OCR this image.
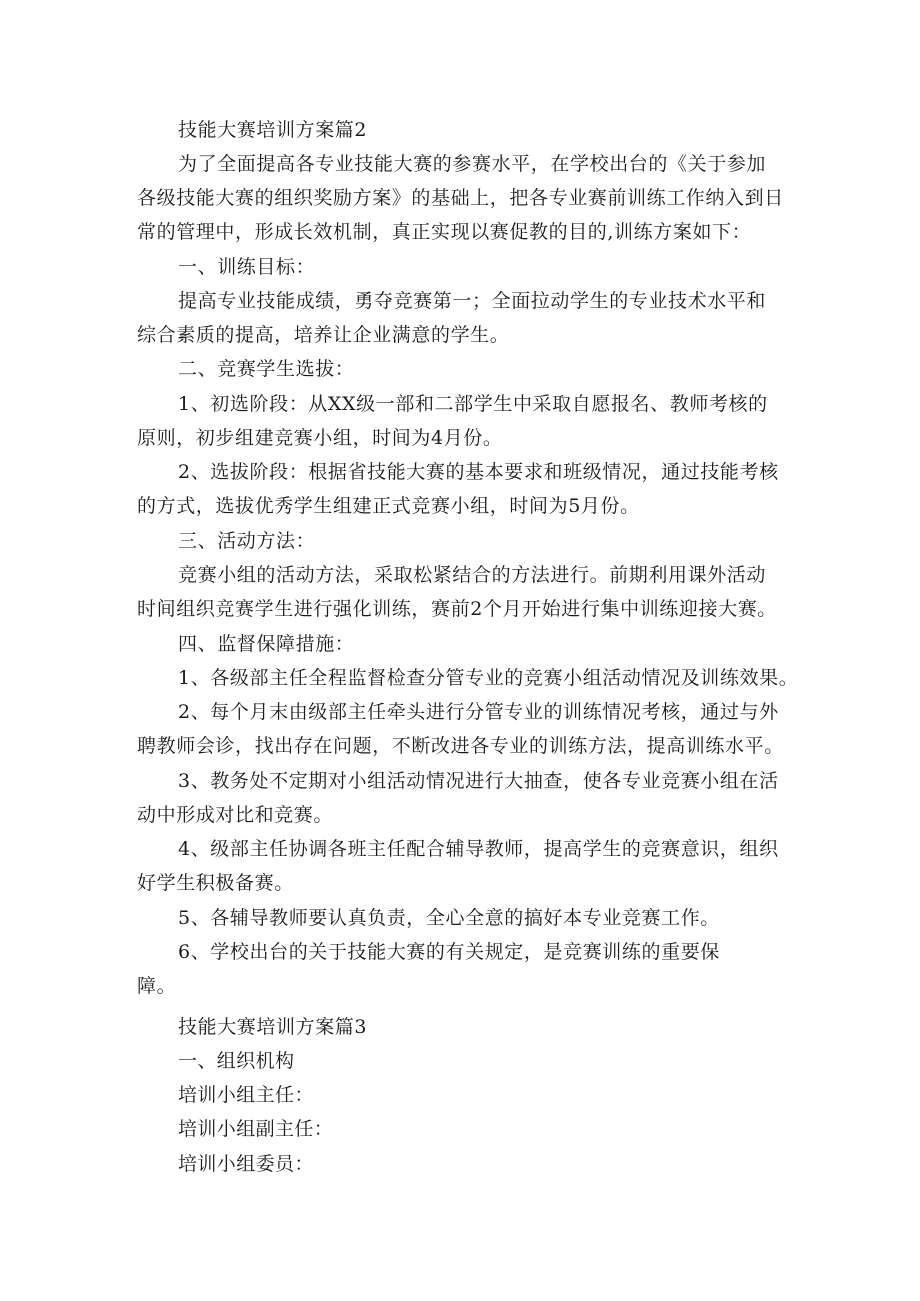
技能大赛培训方案篇2
为了全面提高各专业技能大赛的参赛水平，在学校出台的《关于参加
各级技能大赛的组织奖励方案》的基础上，把各专业赛前训练工作纳入到日
常的管理中，形成长效机制，真正实现以赛促教的目的,训练方案如下：
一、训练目标：
提高专业技能成绩，勇夺竞赛第一；全面拉动学生的专业技术水平和
综合素质的提高，培养让企业满意的学生。
二、竞赛学生选拔：
1、初选阶段：从XX级一部和二部学生中采取自愿报名、教师考核的
原则，初步组建竞赛小组，时间为4月份。
2、选拔阶段：根据省技能大赛的基本要求和班级情况，通过技能考核
的方式，选拔优秀学生组建正式竞赛小组，时间为5月份。
三、活动方法：
竞赛小组的活动方法，采取松紧结合的方法进行。前期利用课外活动
时间组织竞赛学生进行强化训练，赛前2个月开始进行集中训练迎接大赛。
四、监督保障措施：
1、各级部主任全程监督检查分管专业的竞赛小组活动情况及训练效果。
2、每个月末由级部主任牵头进行分管专业的训练情况考核，通过与外
聘教师会诊，找出存在问题，不断改进各专业的训练方法，提高训练水平。
3、教务处不定期对小组活动情况进行大抽查，使各专业竞赛小组在活
动中形成对比和竞赛。
4、级部主任协调各班主任配合辅导教师，提高学生的竞赛意识，组织
好学生积极备赛。
5、各辅导教师要认真负责，全心全意的搞好本专业竞赛工作。
6、学校出台的关于技能大赛的有关规定，是竞赛训练的重要保
障。
技能大赛培训方案篇3
一、组织机构
培训小组主任：
培训小组副主任：
培训小组委员：
